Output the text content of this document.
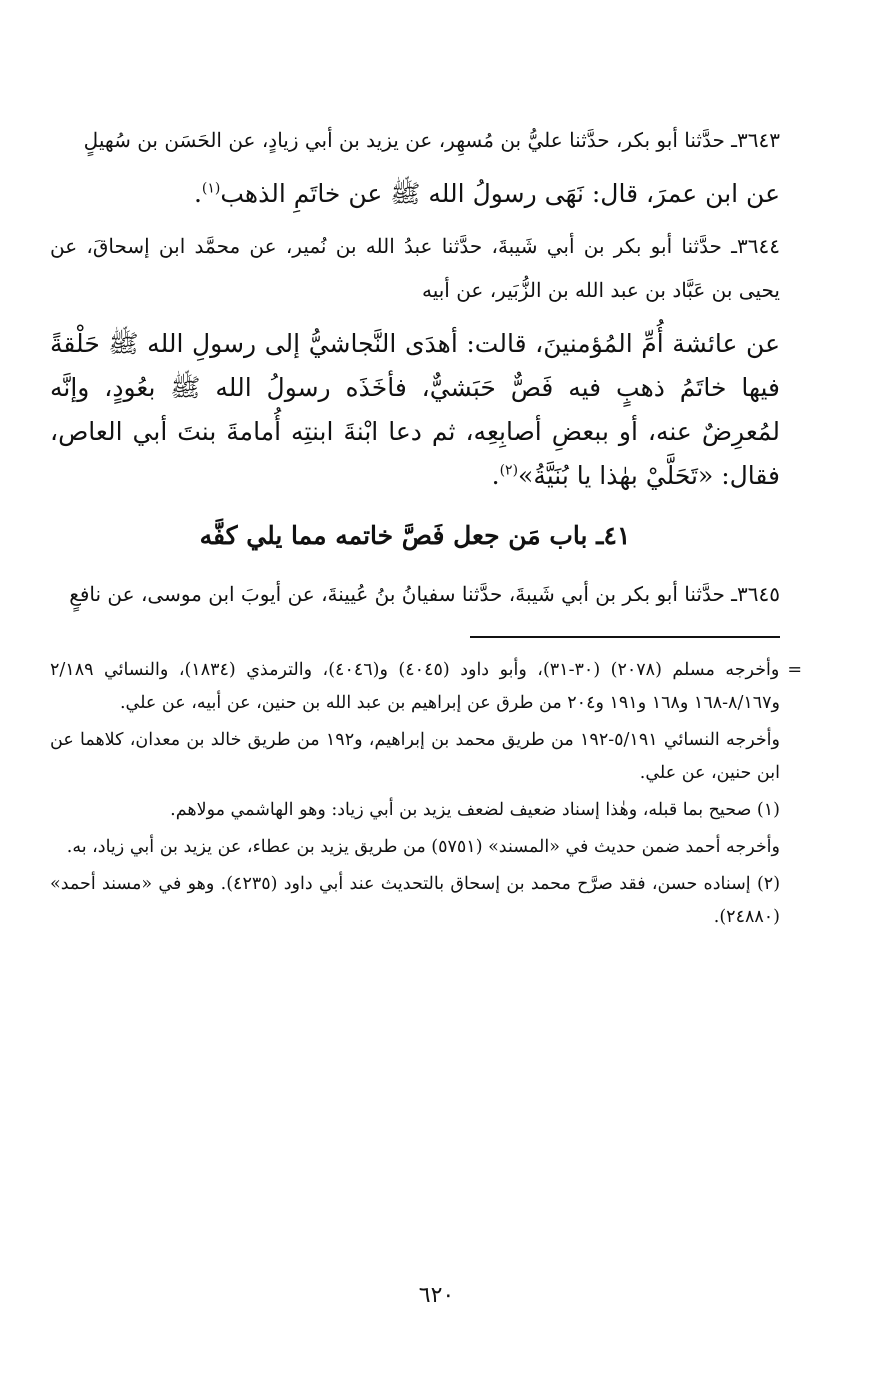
٣٦٤٣ـ حدَّثنا أبو بكر، حدَّثنا عليُّ بن مُسهِر، عن يزيد بن أبي زيادٍ، عن الحَسَن بن سُهيلٍ

عن ابن عمرَ، قال: نَهَى رسولُ الله ﷺ عن خاتَمِ الذهب$^{(١)}$.

٣٦٤٤ـ حدَّثنا أبو بكر بن أبي شَيبةَ، حدَّثنا عبدُ الله بن نُمير، عن محمَّد ابن إسحاقَ، عن يحيى بن عَبَّاد بن عبد الله بن الزُّبَير، عن أبيه

عن عائشة أُمِّ المُؤمنينَ، قالت: أهدَى النَّجاشيُّ إلى رسولِ الله ﷺ حَلْقةً فيها خاتَمُ ذهبٍ فيه فَصٌّ حَبَشيٌّ، فأخَذَه رسولُ الله ﷺ بعُودٍ، وإنَّه لمُعرِضٌ عنه، أو ببعضِ أصابِعِه، ثم دعا ابْنةَ ابنتِه أُمامةَ بنتَ أبي العاص، فقال: «تَحَلَّيْ بهٰذا يا بُنَيَّةُ»$^{(٢)}$.

٤١ـ باب مَن جعل فَصَّ خاتمه مما يلي كفَّه

٣٦٤٥ـ حدَّثنا أبو بكر بن أبي شَيبةَ، حدَّثنا سفيانُ بنُ عُيينةَ، عن أيوبَ ابن موسى، عن نافعٍ

=
وأخرجه مسلم (٢٠٧٨) (٣٠-٣١)، وأبو داود (٤٠٤٥) و(٤٠٤٦)، والترمذي (١٨٣٤)، والنسائي ٢/١٨٩ و٨/١٦٧-١٦٨ و١٦٨ و١٩١ و٢٠٤ من طرق عن إبراهيم بن عبد الله بن حنين، عن أبيه، عن علي.

وأخرجه النسائي ٥/١٩١-١٩٢ من طريق محمد بن إبراهيم، و١٩٢ من طريق خالد بن معدان، كلاهما عن ابن حنين، عن علي.

(١) صحيح بما قبله، وهٰذا إسناد ضعيف لضعف يزيد بن أبي زياد: وهو الهاشمي مولاهم.

وأخرجه أحمد ضمن حديث في «المسند» (٥٧٥١) من طريق يزيد بن عطاء، عن يزيد بن أبي زياد، به.

(٢) إسناده حسن، فقد صرَّح محمد بن إسحاق بالتحديث عند أبي داود (٤٢٣٥). وهو في «مسند أحمد» (٢٤٨٨٠).

٦٢٠
